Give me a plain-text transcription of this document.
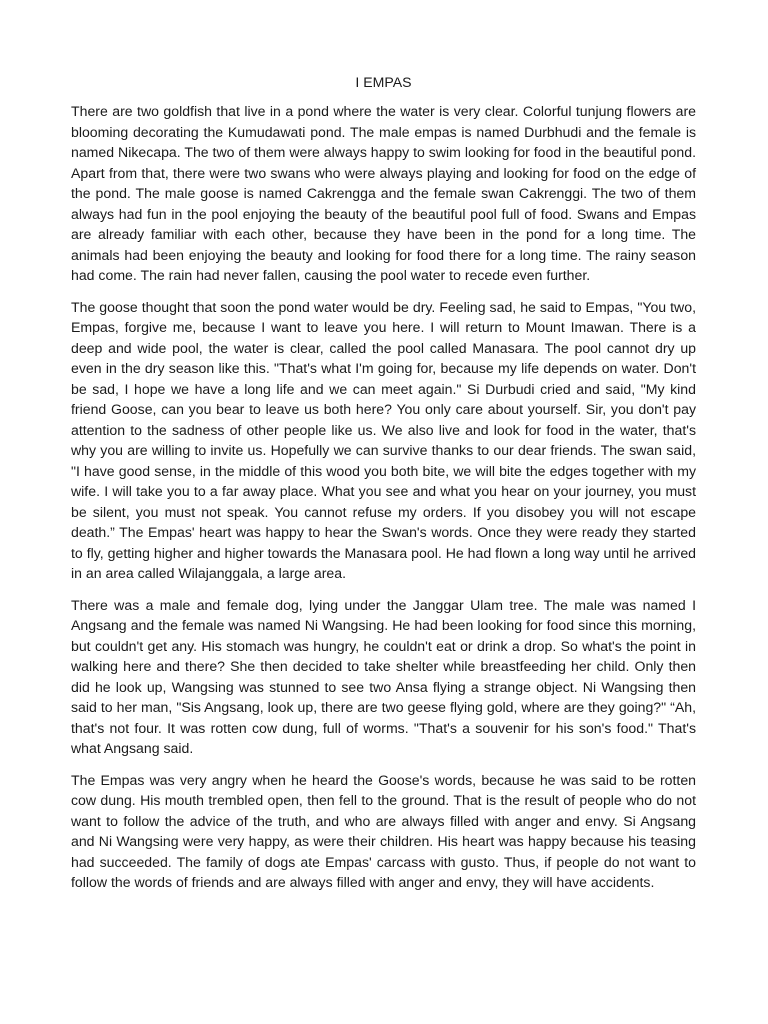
I EMPAS

There are two goldfish that live in a pond where the water is very clear. Colorful tunjung flowers are blooming decorating the Kumudawati pond. The male empas is named Durbhudi and the female is named Nikecapa. The two of them were always happy to swim looking for food in the beautiful pond. Apart from that, there were two swans who were always playing and looking for food on the edge of the pond. The male goose is named Cakrengga and the female swan Cakrenggi. The two of them always had fun in the pool enjoying the beauty of the beautiful pool full of food. Swans and Empas are already familiar with each other, because they have been in the pond for a long time. The animals had been enjoying the beauty and looking for food there for a long time. The rainy season had come. The rain had never fallen, causing the pool water to recede even further.

The goose thought that soon the pond water would be dry. Feeling sad, he said to Empas, "You two, Empas, forgive me, because I want to leave you here. I will return to Mount Imawan. There is a deep and wide pool, the water is clear, called the pool called Manasara. The pool cannot dry up even in the dry season like this. "That's what I'm going for, because my life depends on water. Don't be sad, I hope we have a long life and we can meet again." Si Durbudi cried and said, "My kind friend Goose, can you bear to leave us both here? You only care about yourself. Sir, you don't pay attention to the sadness of other people like us. We also live and look for food in the water, that's why you are willing to invite us. Hopefully we can survive thanks to our dear friends. The swan said, "I have good sense, in the middle of this wood you both bite, we will bite the edges together with my wife. I will take you to a far away place. What you see and what you hear on your journey, you must be silent, you must not speak. You cannot refuse my orders. If you disobey you will not escape death.” The Empas' heart was happy to hear the Swan's words. Once they were ready they started to fly, getting higher and higher towards the Manasara pool. He had flown a long way until he arrived in an area called Wilajanggala, a large area.

There was a male and female dog, lying under the Janggar Ulam tree. The male was named I Angsang and the female was named Ni Wangsing. He had been looking for food since this morning, but couldn't get any. His stomach was hungry, he couldn't eat or drink a drop. So what's the point in walking here and there? She then decided to take shelter while breastfeeding her child. Only then did he look up, Wangsing was stunned to see two Ansa flying a strange object. Ni Wangsing then said to her man, "Sis Angsang, look up, there are two geese flying gold, where are they going?" “Ah, that's not four. It was rotten cow dung, full of worms. "That's a souvenir for his son's food." That's what Angsang said.

The Empas was very angry when he heard the Goose's words, because he was said to be rotten cow dung. His mouth trembled open, then fell to the ground. That is the result of people who do not want to follow the advice of the truth, and who are always filled with anger and envy. Si Angsang and Ni Wangsing were very happy, as were their children. His heart was happy because his teasing had succeeded. The family of dogs ate Empas' carcass with gusto. Thus, if people do not want to follow the words of friends and are always filled with anger and envy, they will have accidents.
